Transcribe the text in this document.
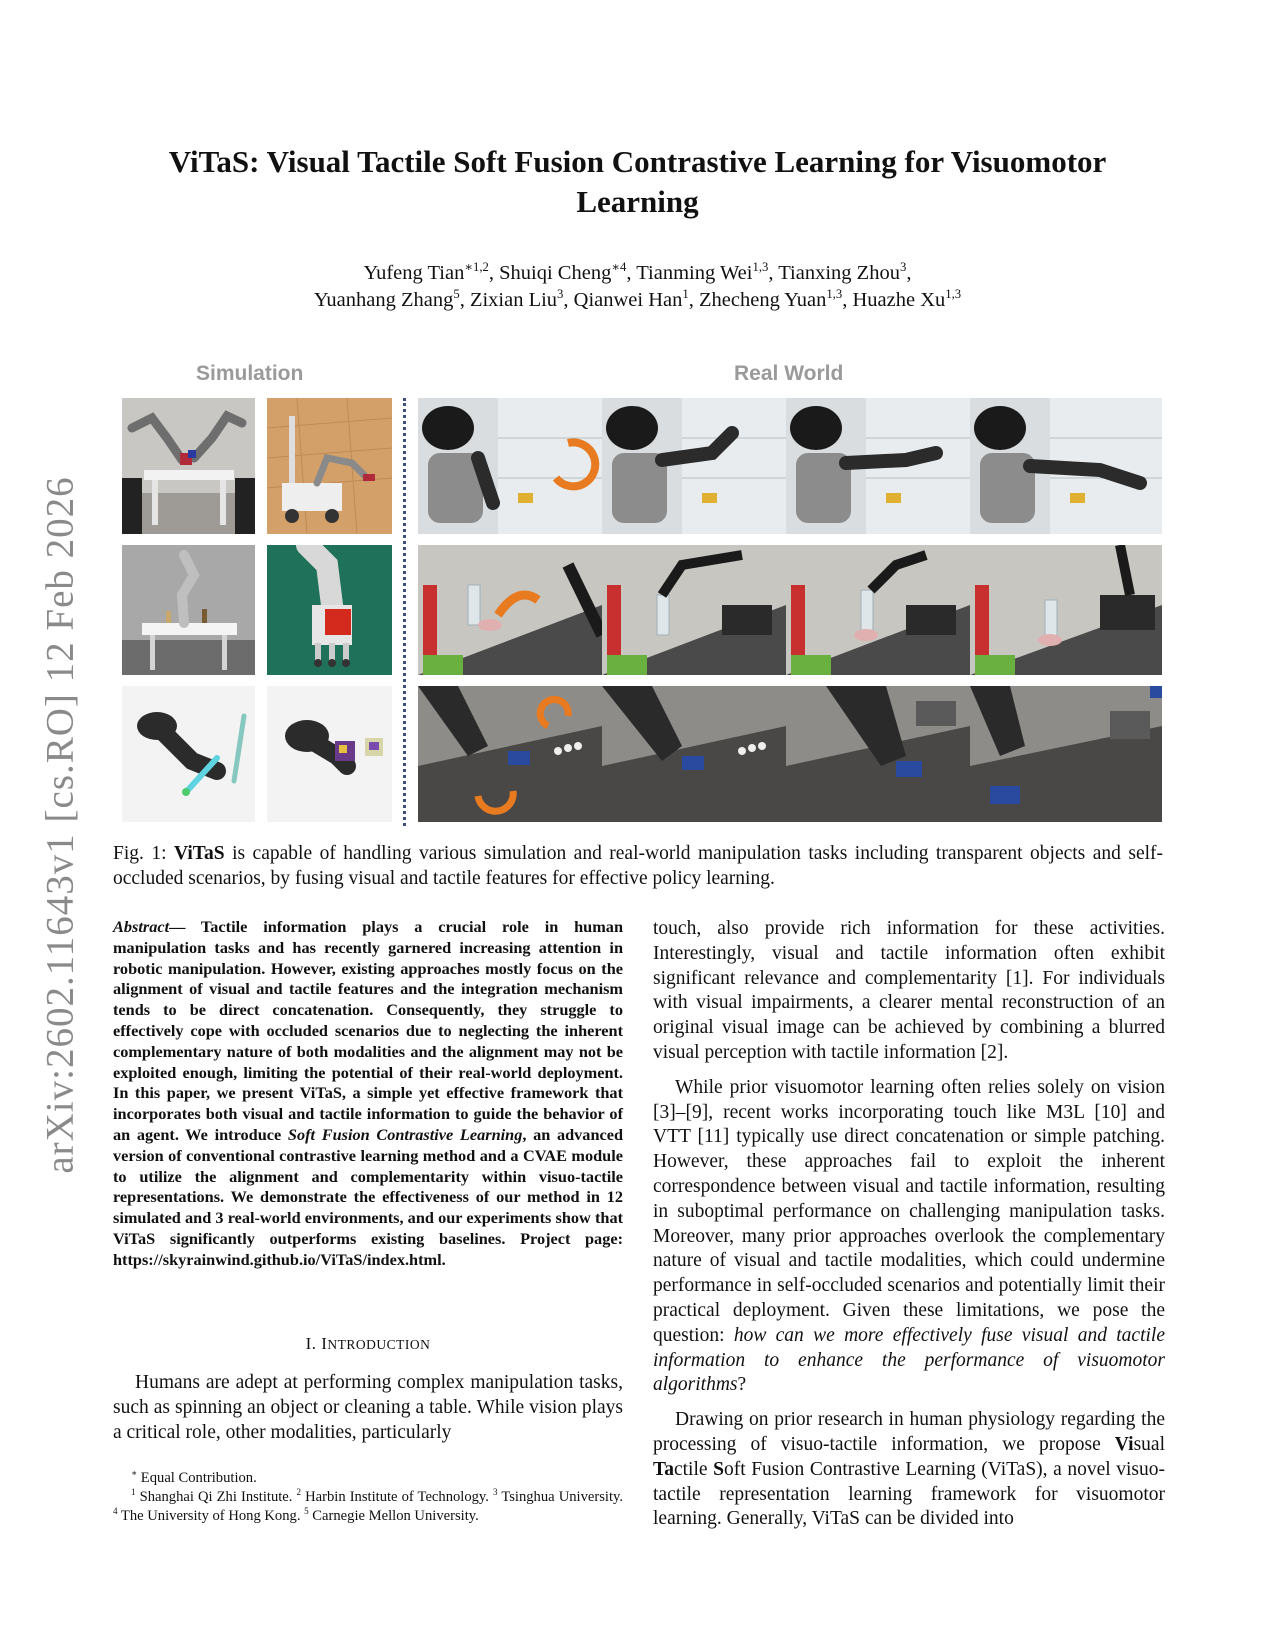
arXiv:2602.11643v1 [cs.RO] 12 Feb 2026
ViTaS: Visual Tactile Soft Fusion Contrastive Learning for Visuomotor
Learning
Yufeng Tian$^{∗1,2}$, Shuiqi Cheng$^{∗4}$, Tianming Wei$^{1,3}$, Tianxing Zhou$^3$,
Yuanhang Zhang$^5$, Zixian Liu$^3$, Qianwei Han$^1$, Zhecheng Yuan$^{1,3}$, Huazhe Xu$^{1,3}$
Simulation	Real World
Fig. 1: ViTaS is capable of handling various simulation and real-world manipulation tasks including transparent objects and self-occluded scenarios, by fusing visual and tactile features for effective policy learning.
Abstract— Tactile information plays a crucial role in human manipulation tasks and has recently garnered increasing attention in robotic manipulation. However, existing approaches mostly focus on the alignment of visual and tactile features and the integration mechanism tends to be direct concatenation. Consequently, they struggle to effectively cope with occluded scenarios due to neglecting the inherent complementary nature of both modalities and the alignment may not be exploited enough, limiting the potential of their real-world deployment. In this paper, we present ViTaS, a simple yet effective framework that incorporates both visual and tactile information to guide the behavior of an agent. We introduce Soft Fusion Contrastive Learning, an advanced version of conventional contrastive learning method and a CVAE module to utilize the alignment and complementarity within visuo-tactile representations. We demonstrate the effectiveness of our method in 12 simulated and 3 real-world environments, and our experiments show that ViTaS significantly outperforms existing baselines. Project page: https://skyrainwind.github.io/ViTaS/index.html.
I. INTRODUCTION
Humans are adept at performing complex manipulation tasks, such as spinning an object or cleaning a table. While vision plays a critical role, other modalities, particularly

∗ Equal Contribution.

$^1$ Shanghai Qi Zhi Institute. $^2$ Harbin Institute of Technology. $^3$ Tsinghua University. $^4$ The University of Hong Kong. $^5$ Carnegie Mellon University.

touch, also provide rich information for these activities. Interestingly, visual and tactile information often exhibit significant relevance and complementarity [1]. For individuals with visual impairments, a clearer mental reconstruction of an original visual image can be achieved by combining a blurred visual perception with tactile information [2].

While prior visuomotor learning often relies solely on vision [3]–[9], recent works incorporating touch like M3L [10] and VTT [11] typically use direct concatenation or simple patching. However, these approaches fail to exploit the inherent correspondence between visual and tactile information, resulting in suboptimal performance on challenging manipulation tasks. Moreover, many prior approaches overlook the complementary nature of visual and tactile modalities, which could undermine performance in self-occluded scenarios and potentially limit their practical deployment. Given these limitations, we pose the question: how can we more effectively fuse visual and tactile information to enhance the performance of visuomotor algorithms?

Drawing on prior research in human physiology regarding the processing of visuo-tactile information, we propose Visual Tactile Soft Fusion Contrastive Learning (ViTaS), a novel visuo-tactile representation learning framework for visuomotor learning. Generally, ViTaS can be divided into
